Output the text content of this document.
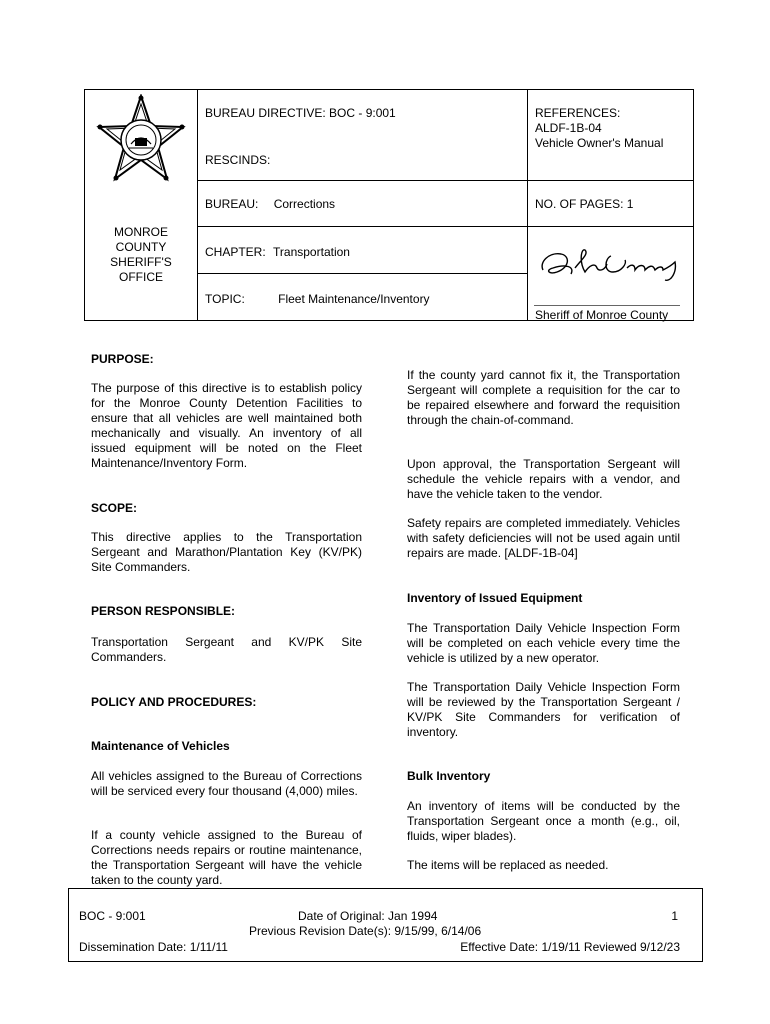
MONROE
COUNTY
SHERIFF'S
OFFICE
BUREAU DIRECTIVE: BOC - 9:001
RESCINDS:
BUREAU: Corrections
CHAPTER: Transportation
TOPIC:	Fleet Maintenance/Inventory
REFERENCES:
ALDF-1B-04
Vehicle Owner's Manual
NO. OF PAGES: 1
Sheriff of Monroe County
PURPOSE:
The purpose of this directive is to establish policy for the Monroe County Detention Facilities to ensure that all vehicles are well maintained both mechanically and visually. An inventory of all issued equipment will be noted on the Fleet Maintenance/Inventory Form.
SCOPE:
This directive applies to the Transportation Sergeant and Marathon/Plantation Key (KV/PK) Site Commanders.
PERSON RESPONSIBLE:
Transportation Sergeant and KV/PK Site Commanders.
POLICY AND PROCEDURES:
Maintenance of Vehicles
All vehicles assigned to the Bureau of Corrections will be serviced every four thousand (4,000) miles.
If a county vehicle assigned to the Bureau of Corrections needs repairs or routine maintenance, the Transportation Sergeant will have the vehicle taken to the county yard.
If the county yard cannot fix it, the Transportation Sergeant will complete a requisition for the car to be repaired elsewhere and forward the requisition through the chain-of-command.
Upon approval, the Transportation Sergeant will schedule the vehicle repairs with a vendor, and have the vehicle taken to the vendor.
Safety repairs are completed immediately. Vehicles with safety deficiencies will not be used again until repairs are made. [ALDF-1B-04]
Inventory of Issued Equipment
The Transportation Daily Vehicle Inspection Form will be completed on each vehicle every time the vehicle is utilized by a new operator.
The Transportation Daily Vehicle Inspection Form will be reviewed by the Transportation Sergeant / KV/PK Site Commanders for verification of inventory.
Bulk Inventory
An inventory of items will be conducted by the Transportation Sergeant once a month (e.g., oil, fluids, wiper blades).
The items will be replaced as needed.
BOC - 9:001	Date of Original: Jan 1994	1
Previous Revision Date(s): 9/15/99, 6/14/06
Dissemination Date: 1/11/11	Effective Date: 1/19/11 Reviewed 9/12/23
